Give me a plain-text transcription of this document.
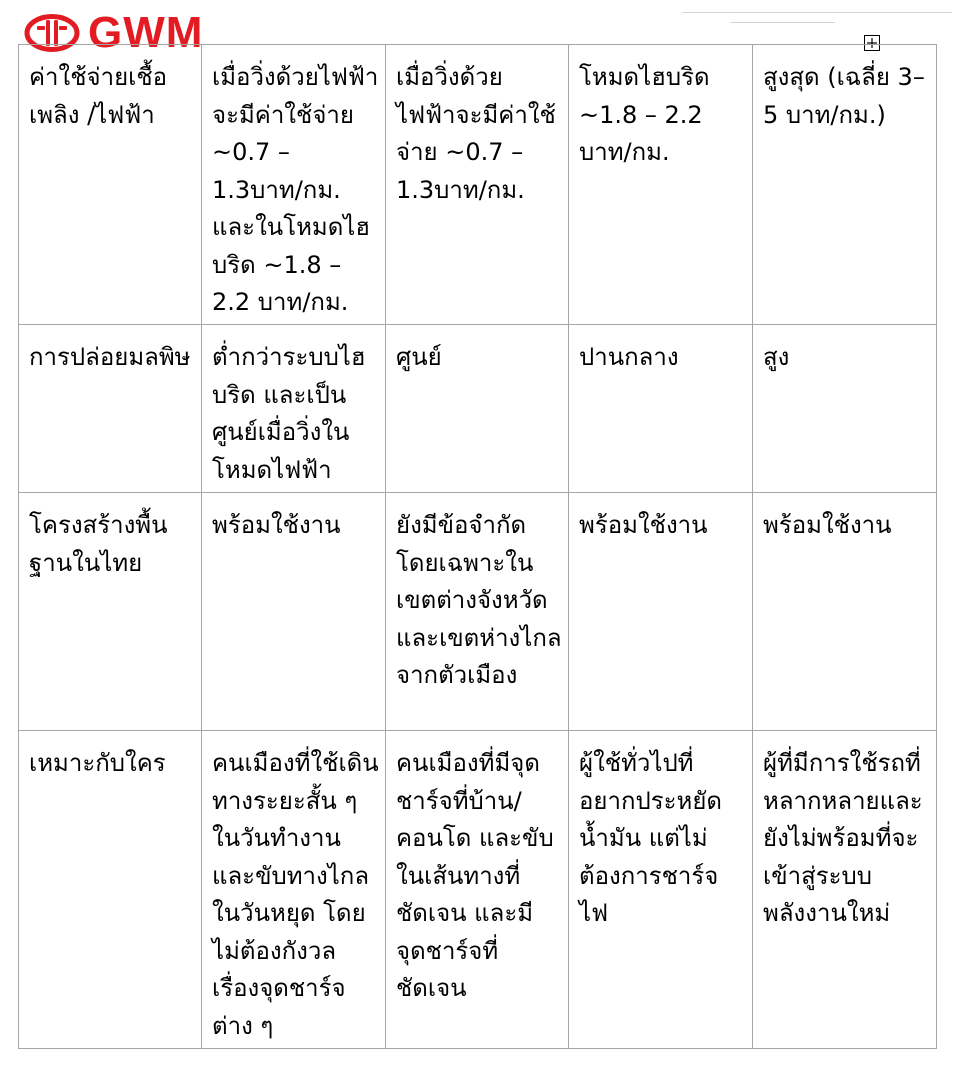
GWM
ค่าใช้จ่ายเชื้อเพลิง /ไฟฟ้า	เมื่อวิ่งด้วยไฟฟ้าจะมีค่าใช้จ่าย ~0.7 – 1.3บาท/กม. และในโหมดไฮบริด ~1.8 – 2.2 บาท/กม.	เมื่อวิ่งด้วยไฟฟ้าจะมีค่าใช้จ่าย ~0.7 – 1.3บาท/กม.	โหมดไฮบริด ~1.8 – 2.2 บาท/กม.	สูงสุด (เฉลี่ย 3–5 บาท/กม.)
การปล่อยมลพิษ	ต่ำกว่าระบบไฮบริด และเป็นศูนย์เมื่อวิ่งในโหมดไฟฟ้า	ศูนย์	ปานกลาง	สูง
โครงสร้างพื้นฐานในไทย	พร้อมใช้งาน	ยังมีข้อจำกัด โดยเฉพาะในเขตต่างจังหวัดและเขตห่างไกลจากตัวเมือง	พร้อมใช้งาน	พร้อมใช้งาน
เหมาะกับใคร	คนเมืองที่ใช้เดินทางระยะสั้น ๆ ในวันทำงาน และขับทางไกลในวันหยุด โดยไม่ต้องกังวลเรื่องจุดชาร์จต่าง ๆ	คนเมืองที่มีจุดชาร์จที่บ้าน/คอนโด และขับในเส้นทางที่ชัดเจน และมีจุดชาร์จที่ชัดเจน	ผู้ใช้ทั่วไปที่อยากประหยัดน้ำมัน แต่ไม่ต้องการชาร์จไฟ	ผู้ที่มีการใช้รถที่หลากหลายและยังไม่พร้อมที่จะเข้าสู่ระบบพลังงานใหม่
